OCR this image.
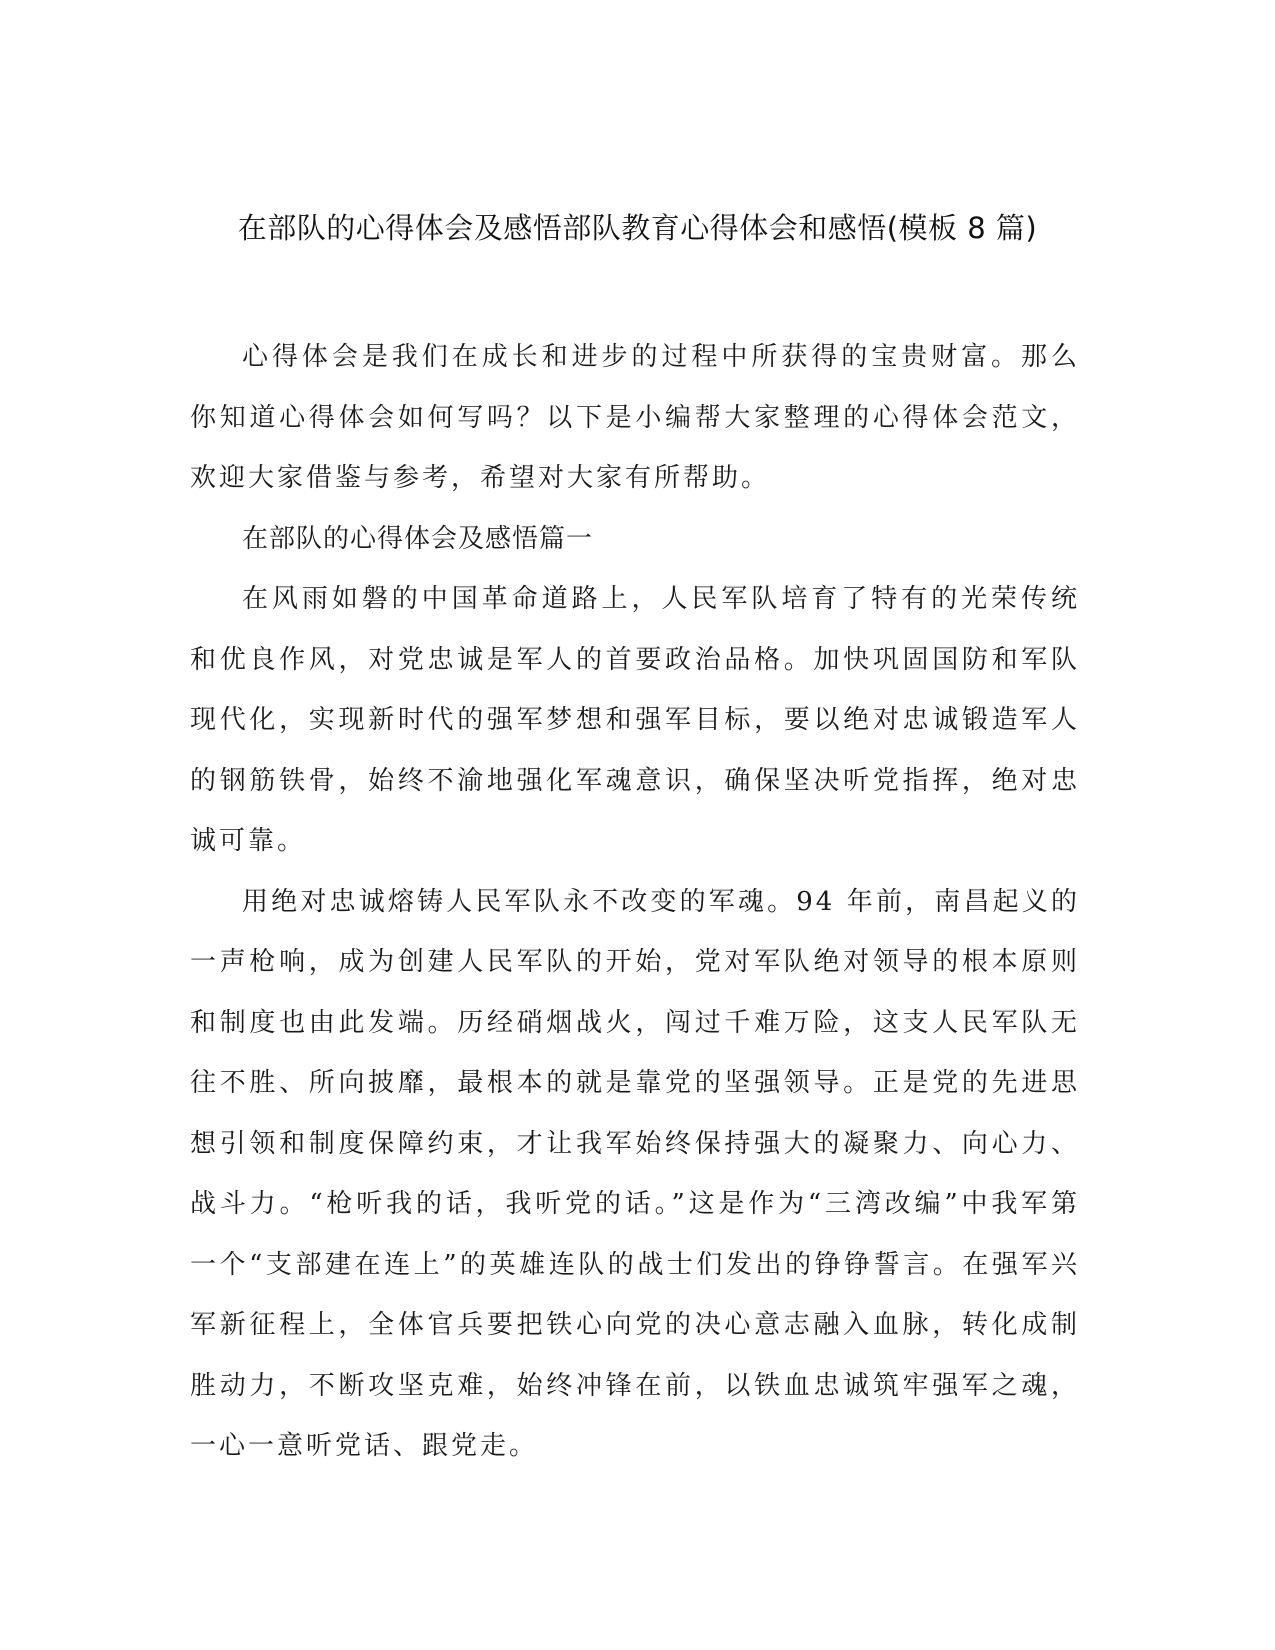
在部队的心得体会及感悟部队教育心得体会和感悟(模板 8 篇)

心得体会是我们在成长和进步的过程中所获得的宝贵财富。那么你知道心得体会如何写吗？以下是小编帮大家整理的心得体会范文，欢迎大家借鉴与参考，希望对大家有所帮助。

在部队的心得体会及感悟篇一

在风雨如磐的中国革命道路上，人民军队培育了特有的光荣传统和优良作风，对党忠诚是军人的首要政治品格。加快巩固国防和军队现代化，实现新时代的强军梦想和强军目标，要以绝对忠诚锻造军人的钢筋铁骨，始终不渝地强化军魂意识，确保坚决听党指挥，绝对忠诚可靠。

用绝对忠诚熔铸人民军队永不改变的军魂。94 年前，南昌起义的一声枪响，成为创建人民军队的开始，党对军队绝对领导的根本原则和制度也由此发端。历经硝烟战火，闯过千难万险，这支人民军队无往不胜、所向披靡，最根本的就是靠党的坚强领导。正是党的先进思想引领和制度保障约束，才让我军始终保持强大的凝聚力、向心力、战斗力。“枪听我的话，我听党的话。”这是作为“三湾改编”中我军第一个“支部建在连上”的英雄连队的战士们发出的铮铮誓言。在强军兴军新征程上，全体官兵要把铁心向党的决心意志融入血脉，转化成制胜动力，不断攻坚克难，始终冲锋在前，以铁血忠诚筑牢强军之魂，一心一意听党话、跟党走。
